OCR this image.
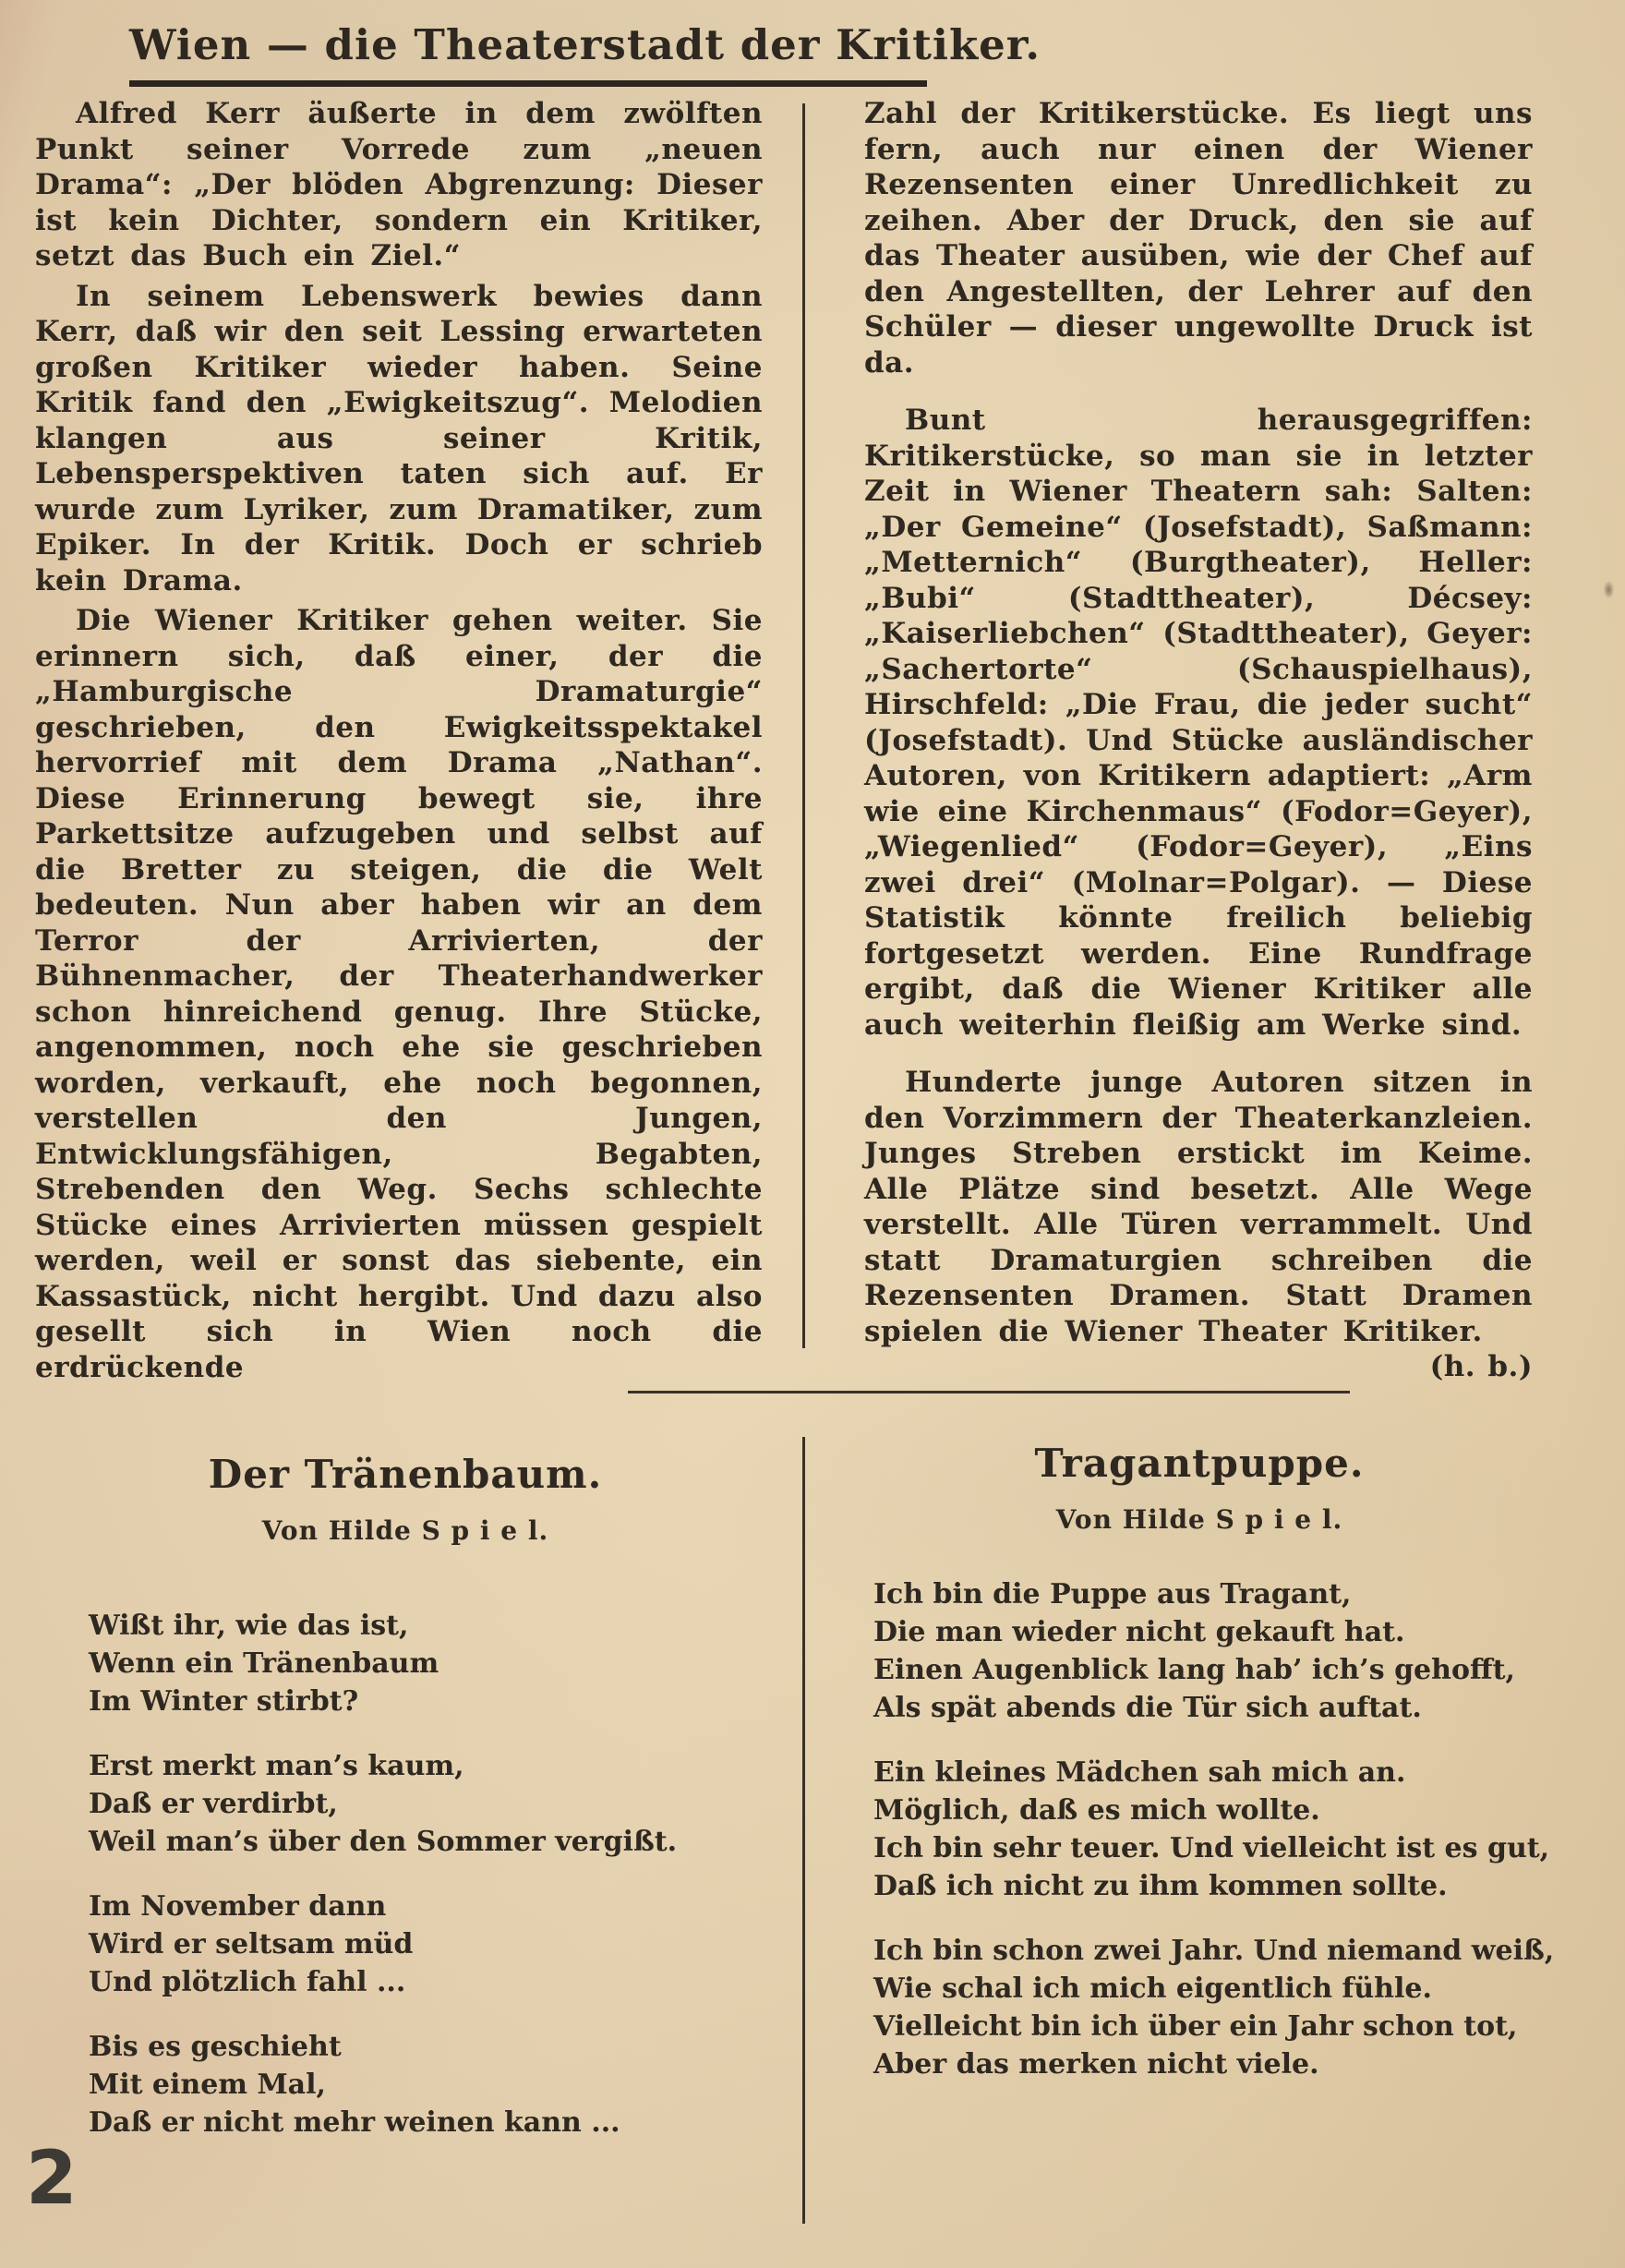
Wien — die Theaterstadt der Kritiker.

Alfred Kerr äußerte in dem zwölften Punkt seiner Vorrede zum „neuen Drama“: „Der blöden Abgrenzung: Dieser ist kein Dichter, sondern ein Kritiker, setzt das Buch ein Ziel.“

In seinem Lebenswerk bewies dann Kerr, daß wir den seit Lessing erwarteten großen Kritiker wieder haben. Seine Kritik fand den „Ewigkeitszug“. Melodien klangen aus seiner Kritik, Lebensperspektiven taten sich auf. Er wurde zum Lyriker, zum Dramatiker, zum Epiker. In der Kritik. Doch er schrieb kein Drama.

Die Wiener Kritiker gehen weiter. Sie erinnern sich, daß einer, der die „Hamburgische Dramaturgie“ geschrieben, den Ewigkeitsspektakel hervorrief mit dem Drama „Nathan“. Diese Erinnerung bewegt sie, ihre Parkettsitze aufzugeben und selbst auf die Bretter zu steigen, die die Welt bedeuten. Nun aber haben wir an dem Terror der Arrivierten, der Bühnenmacher, der Theaterhandwerker schon hinreichend genug. Ihre Stücke, angenommen, noch ehe sie geschrieben worden, verkauft, ehe noch begonnen, verstellen den Jungen, Entwicklungsfähigen, Begabten, Strebenden den Weg. Sechs schlechte Stücke eines Arrivierten müssen gespielt werden, weil er sonst das siebente, ein Kassastück, nicht hergibt. Und dazu also gesellt sich in Wien noch die erdrückende

Zahl der Kritikerstücke. Es liegt uns fern, auch nur einen der Wiener Rezensenten einer Unredlichkeit zu zeihen. Aber der Druck, den sie auf das Theater ausüben, wie der Chef auf den Angestellten, der Lehrer auf den Schüler — dieser ungewollte Druck ist da.

Bunt herausgegriffen: Kritikerstücke, so man sie in letzter Zeit in Wiener Theatern sah: Salten: „Der Gemeine“ (Josefstadt), Saßmann: „Metternich“ (Burgtheater), Heller: „Bubi“ (Stadttheater), Décsey: „Kaiserliebchen“ (Stadttheater), Geyer: „Sachertorte“ (Schauspielhaus), Hirschfeld: „Die Frau, die jeder sucht“ (Josefstadt). Und Stücke ausländischer Autoren, von Kritikern adaptiert: „Arm wie eine Kirchenmaus“ (Fodor=Geyer), „Wiegenlied“ (Fodor=Geyer), „Eins zwei drei“ (Molnar=Polgar). — Diese Statistik könnte freilich beliebig fortgesetzt werden. Eine Rundfrage ergibt, daß die Wiener Kritiker alle auch weiterhin fleißig am Werke sind.

Hunderte junge Autoren sitzen in den Vorzimmern der Theaterkanzleien. Junges Streben erstickt im Keime. Alle Plätze sind besetzt. Alle Wege verstellt. Alle Türen verrammelt. Und statt Dramaturgien schreiben die Rezensenten Dramen. Statt Dramen spielen die Wiener Theater Kritiker.
(h. b.)

Der Tränenbaum.
Von Hilde S p i e l.
Wißt ihr, wie das ist,
Wenn ein Tränenbaum
Im Winter stirbt?
Erst merkt man’s kaum,
Daß er verdirbt,
Weil man’s über den Sommer vergißt.
Im November dann
Wird er seltsam müd
Und plötzlich fahl ...
Bis es geschieht
Mit einem Mal,
Daß er nicht mehr weinen kann ...
Tragantpuppe.
Von Hilde S p i e l.
Ich bin die Puppe aus Tragant,
Die man wieder nicht gekauft hat.
Einen Augenblick lang hab’ ich’s gehofft,
Als spät abends die Tür sich auftat.
Ein kleines Mädchen sah mich an.
Möglich, daß es mich wollte.
Ich bin sehr teuer. Und vielleicht ist es gut,
Daß ich nicht zu ihm kommen sollte.
Ich bin schon zwei Jahr. Und niemand weiß,
Wie schal ich mich eigentlich fühle.
Vielleicht bin ich über ein Jahr schon tot,
Aber das merken nicht viele.
2
